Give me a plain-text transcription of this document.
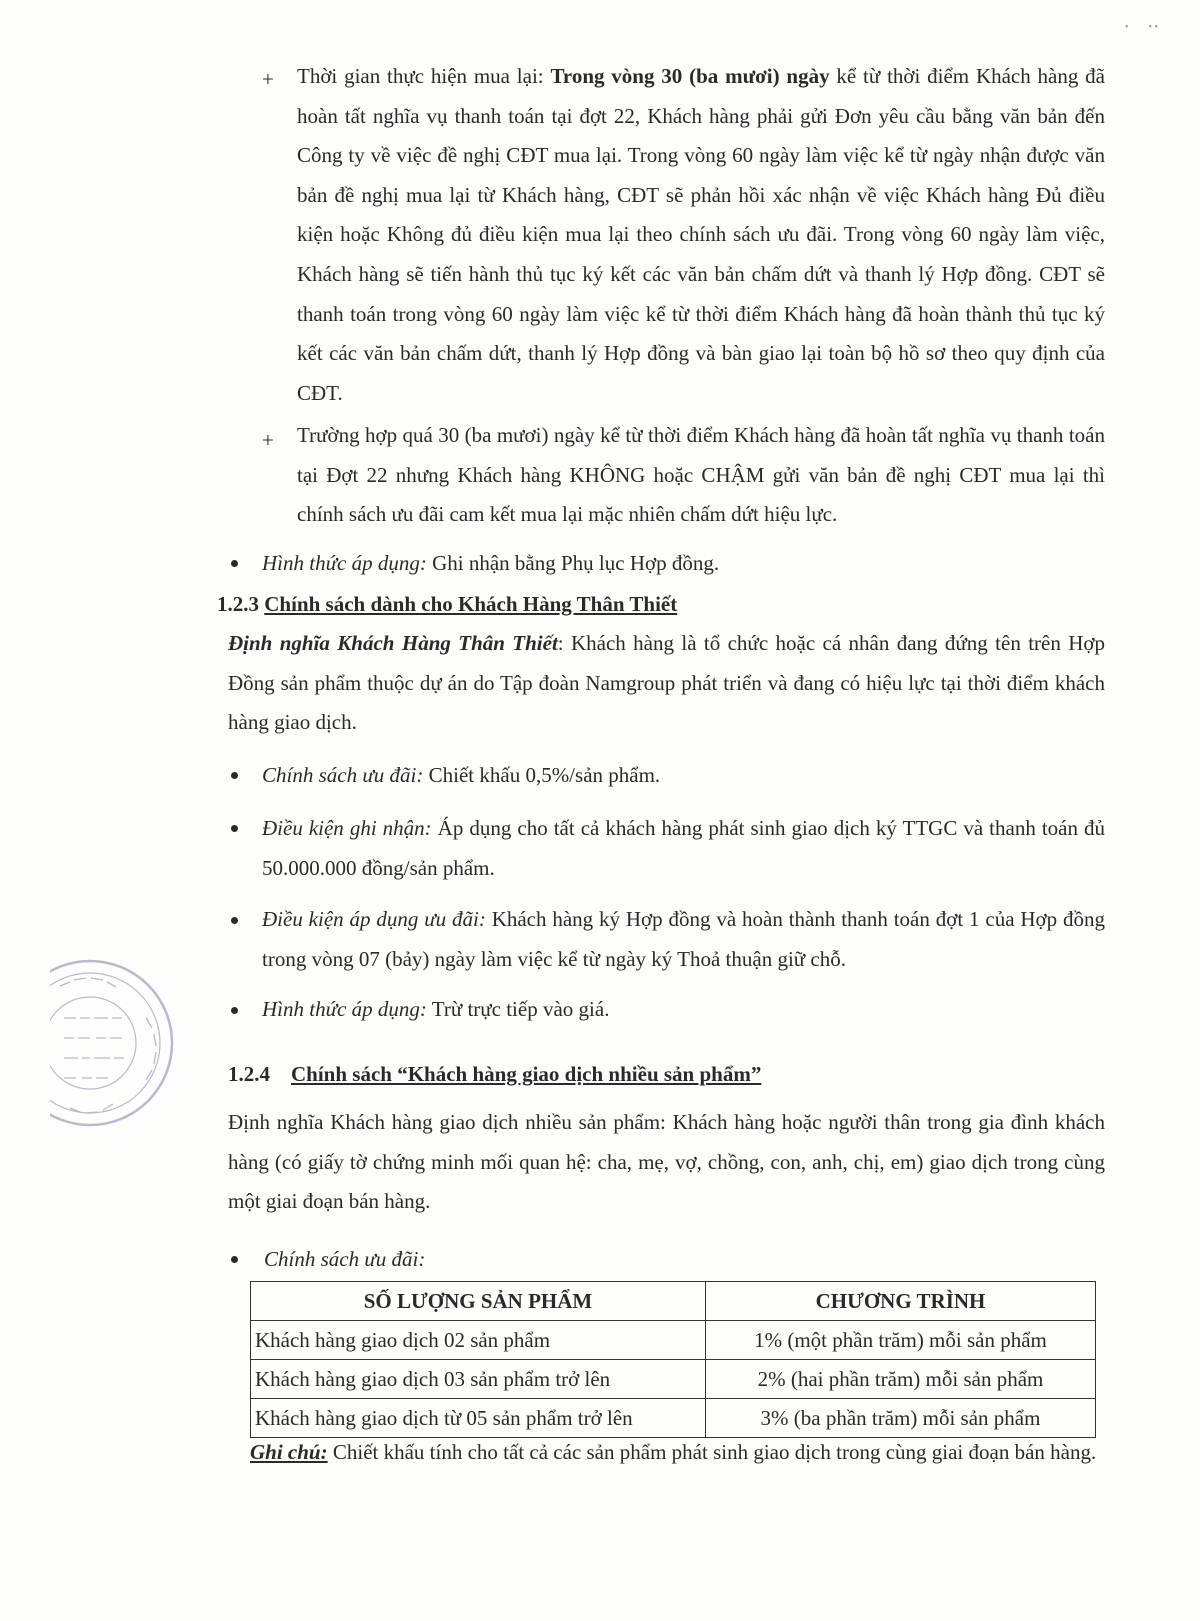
+ Thời gian thực hiện mua lại: Trong vòng 30 (ba mươi) ngày kể từ thời điểm Khách hàng đã hoàn tất nghĩa vụ thanh toán tại đợt 22, Khách hàng phải gửi Đơn yêu cầu bằng văn bản đến Công ty về việc đề nghị CĐT mua lại. Trong vòng 60 ngày làm việc kể từ ngày nhận được văn bản đề nghị mua lại từ Khách hàng, CĐT sẽ phản hồi xác nhận về việc Khách hàng Đủ điều kiện hoặc Không đủ điều kiện mua lại theo chính sách ưu đãi. Trong vòng 60 ngày làm việc, Khách hàng sẽ tiến hành thủ tục ký kết các văn bản chấm dứt và thanh lý Hợp đồng. CĐT sẽ thanh toán trong vòng 60 ngày làm việc kể từ thời điểm Khách hàng đã hoàn thành thủ tục ký kết các văn bản chấm dứt, thanh lý Hợp đồng và bàn giao lại toàn bộ hồ sơ theo quy định của CĐT.
+ Trường hợp quá 30 (ba mươi) ngày kể từ thời điểm Khách hàng đã hoàn tất nghĩa vụ thanh toán tại Đợt 22 nhưng Khách hàng KHÔNG hoặc CHẬM gửi văn bản đề nghị CĐT mua lại thì chính sách ưu đãi cam kết mua lại mặc nhiên chấm dứt hiệu lực.
Hình thức áp dụng: Ghi nhận bằng Phụ lục Hợp đồng.
1.2.3 Chính sách dành cho Khách Hàng Thân Thiết
Định nghĩa Khách Hàng Thân Thiết: Khách hàng là tổ chức hoặc cá nhân đang đứng tên trên Hợp Đồng sản phẩm thuộc dự án do Tập đoàn Namgroup phát triển và đang có hiệu lực tại thời điểm khách hàng giao dịch.
Chính sách ưu đãi: Chiết khấu 0,5%/sản phẩm.
Điều kiện ghi nhận: Áp dụng cho tất cả khách hàng phát sinh giao dịch ký TTGC và thanh toán đủ 50.000.000 đồng/sản phẩm.
Điều kiện áp dụng ưu đãi: Khách hàng ký Hợp đồng và hoàn thành thanh toán đợt 1 của Hợp đồng trong vòng 07 (bảy) ngày làm việc kể từ ngày ký Thoả thuận giữ chỗ.
Hình thức áp dụng: Trừ trực tiếp vào giá.
1.2.4 Chính sách “Khách hàng giao dịch nhiều sản phẩm”
Định nghĩa Khách hàng giao dịch nhiều sản phẩm: Khách hàng hoặc người thân trong gia đình khách hàng (có giấy tờ chứng minh mối quan hệ: cha, mẹ, vợ, chồng, con, anh, chị, em) giao dịch trong cùng một giai đoạn bán hàng.
Chính sách ưu đãi:
SỐ LƯỢNG SẢN PHẨM	CHƯƠNG TRÌNH
Khách hàng giao dịch 02 sản phẩm	1% (một phần trăm) mỗi sản phẩm
Khách hàng giao dịch 03 sản phẩm trở lên	2% (hai phần trăm) mỗi sản phẩm
Khách hàng giao dịch từ 05 sản phẩm trở lên	3% (ba phần trăm) mỗi sản phẩm
Ghi chú: Chiết khấu tính cho tất cả các sản phẩm phát sinh giao dịch trong cùng giai đoạn bán hàng.
•        • •
